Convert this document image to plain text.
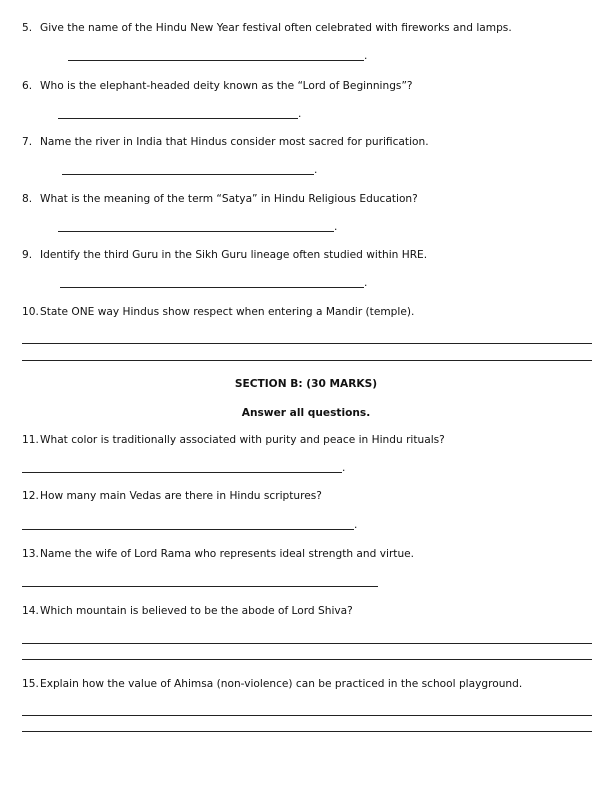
5. Give the name of the Hindu New Year festival often celebrated with fireworks and lamps.
.
6. Who is the elephant-headed deity known as the “Lord of Beginnings”?
.
7. Name the river in India that Hindus consider most sacred for purification.
.
8. What is the meaning of the term “Satya” in Hindu Religious Education?
.
9. Identify the third Guru in the Sikh Guru lineage often studied within HRE.
.
10.State ONE way Hindus show respect when entering a Mandir (temple).
SECTION B: (30 MARKS)
Answer all questions.
11.What color is traditionally associated with purity and peace in Hindu rituals?
.
12.How many main Vedas are there in Hindu scriptures?
.
13.Name the wife of Lord Rama who represents ideal strength and virtue.
14.Which mountain is believed to be the abode of Lord Shiva?
15.Explain how the value of Ahimsa (non-violence) can be practiced in the school playground.
